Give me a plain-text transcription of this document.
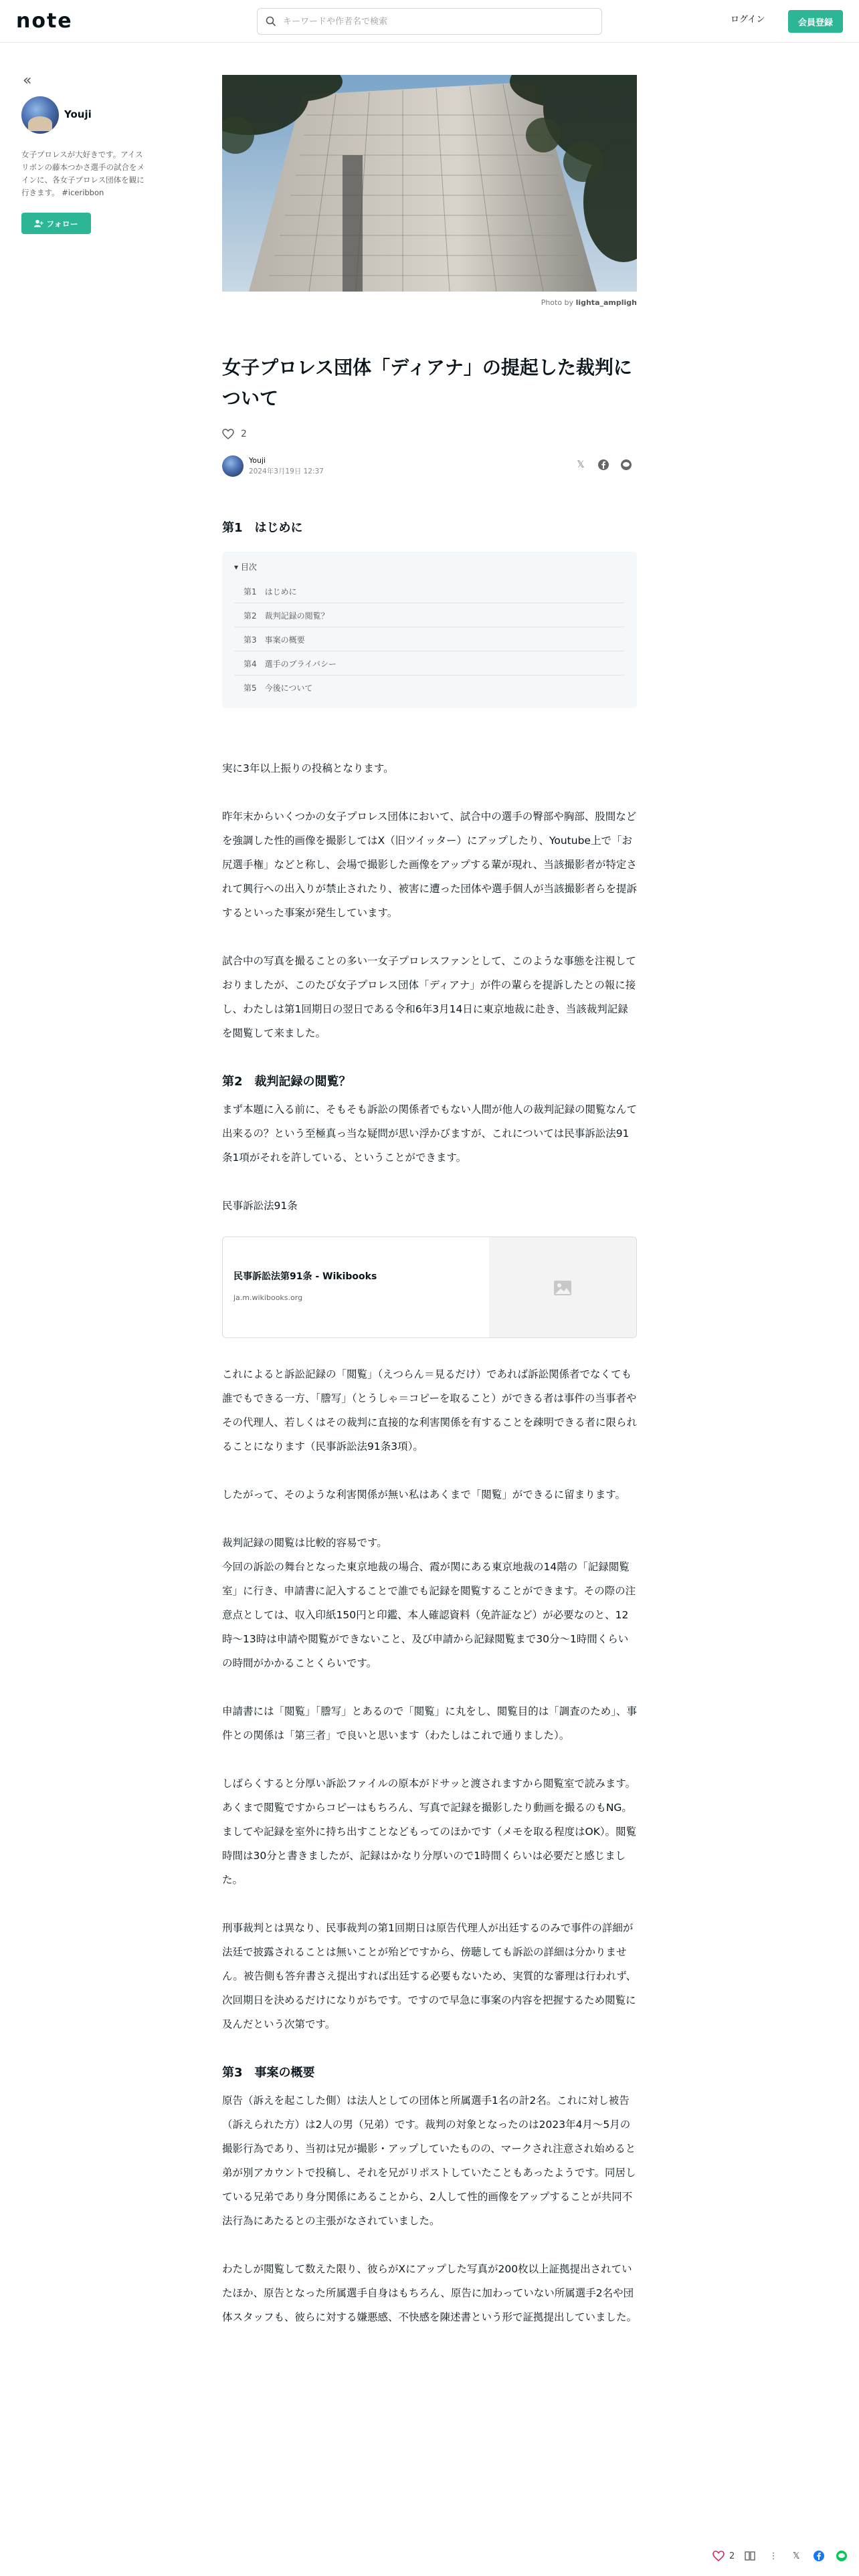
note
キーワードや作者名で検索	ログイン	会員登録
«
Youji
女子プロレスが大好きです。アイスリボンの藤本つかさ選手の試合をメインに、各女子プロレス団体を観に行きます。 #iceribbon
フォロー
Photo by lighta_ampligh
女子プロレス団体「ディアナ」の提起した裁判について
2
Youji
2024年3月19日 12:37
𝕏
第1　はじめに
▾ 目次
第1　はじめに
第2　裁判記録の閲覧？
第3　事案の概要
第4　選手のプライバシー
第5　今後について

実に3年以上振りの投稿となります。

昨年末からいくつかの女子プロレス団体において、試合中の選手の臀部や胸部、股間などを強調した性的画像を撮影してはX（旧ツイッター）にアップしたり、Youtube上で「お尻選手権」などと称し、会場で撮影した画像をアップする輩が現れ、当該撮影者が特定されて興行への出入りが禁止されたり、被害に遭った団体や選手個人が当該撮影者らを提訴するといった事案が発生しています。

試合中の写真を撮ることの多い一女子プロレスファンとして、このような事態を注視しておりましたが、このたび女子プロレス団体「ディアナ」が件の輩らを提訴したとの報に接し、わたしは第1回期日の翌日である令和6年3月14日に東京地裁に赴き、当該裁判記録を閲覧して来ました。

第2　裁判記録の閲覧？

まず本題に入る前に、そもそも訴訟の関係者でもない人間が他人の裁判記録の閲覧なんて出来るの？という至極真っ当な疑問が思い浮かびますが、これについては民事訴訟法91条1項がそれを許している、ということができます。

民事訴訟法91条

民事訴訟法第91条 - Wikibooks
ja.m.wikibooks.org

これによると訴訟記録の「閲覧」（えつらん＝見るだけ）であれば訴訟関係者でなくても誰でもできる一方、「謄写」（とうしゃ＝コピーを取ること）ができる者は事件の当事者やその代理人、若しくはその裁判に直接的な利害関係を有することを疎明できる者に限られることになります（民事訴訟法91条3項）。

したがって、そのような利害関係が無い私はあくまで「閲覧」ができるに留まります。

裁判記録の閲覧は比較的容易です。

今回の訴訟の舞台となった東京地裁の場合、霞が関にある東京地裁の14階の「記録閲覧室」に行き、申請書に記入することで誰でも記録を閲覧することができます。その際の注意点としては、収入印紙150円と印鑑、本人確認資料（免許証など）が必要なのと、12時〜13時は申請や閲覧ができないこと、及び申請から記録閲覧まで30分〜1時間くらいの時間がかかることくらいです。

申請書には「閲覧」「謄写」とあるので「閲覧」に丸をし、閲覧目的は「調査のため」、事件との関係は「第三者」で良いと思います（わたしはこれで通りました）。

しばらくすると分厚い訴訟ファイルの原本がドサッと渡されますから閲覧室で読みます。あくまで閲覧ですからコピーはもちろん、写真で記録を撮影したり動画を撮るのもNG。ましてや記録を室外に持ち出すことなどもってのほかです（メモを取る程度はOK）。閲覧時間は30分と書きましたが、記録はかなり分厚いので1時間くらいは必要だと感じました。

刑事裁判とは異なり、民事裁判の第1回期日は原告代理人が出廷するのみで事件の詳細が法廷で披露されることは無いことが殆どですから、傍聴しても訴訟の詳細は分かりません。被告側も答弁書さえ提出すれば出廷する必要もないため、実質的な審理は行われず、次回期日を決めるだけになりがちです。ですので早急に事案の内容を把握するため閲覧に及んだという次第です。

第3　事案の概要

原告（訴えを起こした側）は法人としての団体と所属選手1名の計2名。これに対し被告（訴えられた方）は2人の男（兄弟）です。裁判の対象となったのは2023年4月〜5月の撮影行為であり、当初は兄が撮影・アップしていたものの、マークされ注意され始めると弟が別アカウントで投稿し、それを兄がリポストしていたこともあったようです。同居している兄弟であり身分関係にあることから、2人して性的画像をアップすることが共同不法行為にあたるとの主張がなされていました。

わたしが閲覧して数えた限り、彼らがXにアップした写真が200枚以上証拠提出されていたほか、原告となった所属選手自身はもちろん、原告に加わっていない所属選手2名や団体スタッフも、彼らに対する嫌悪感、不快感を陳述書という形で証拠提出していました。

2	⋮	𝕏
